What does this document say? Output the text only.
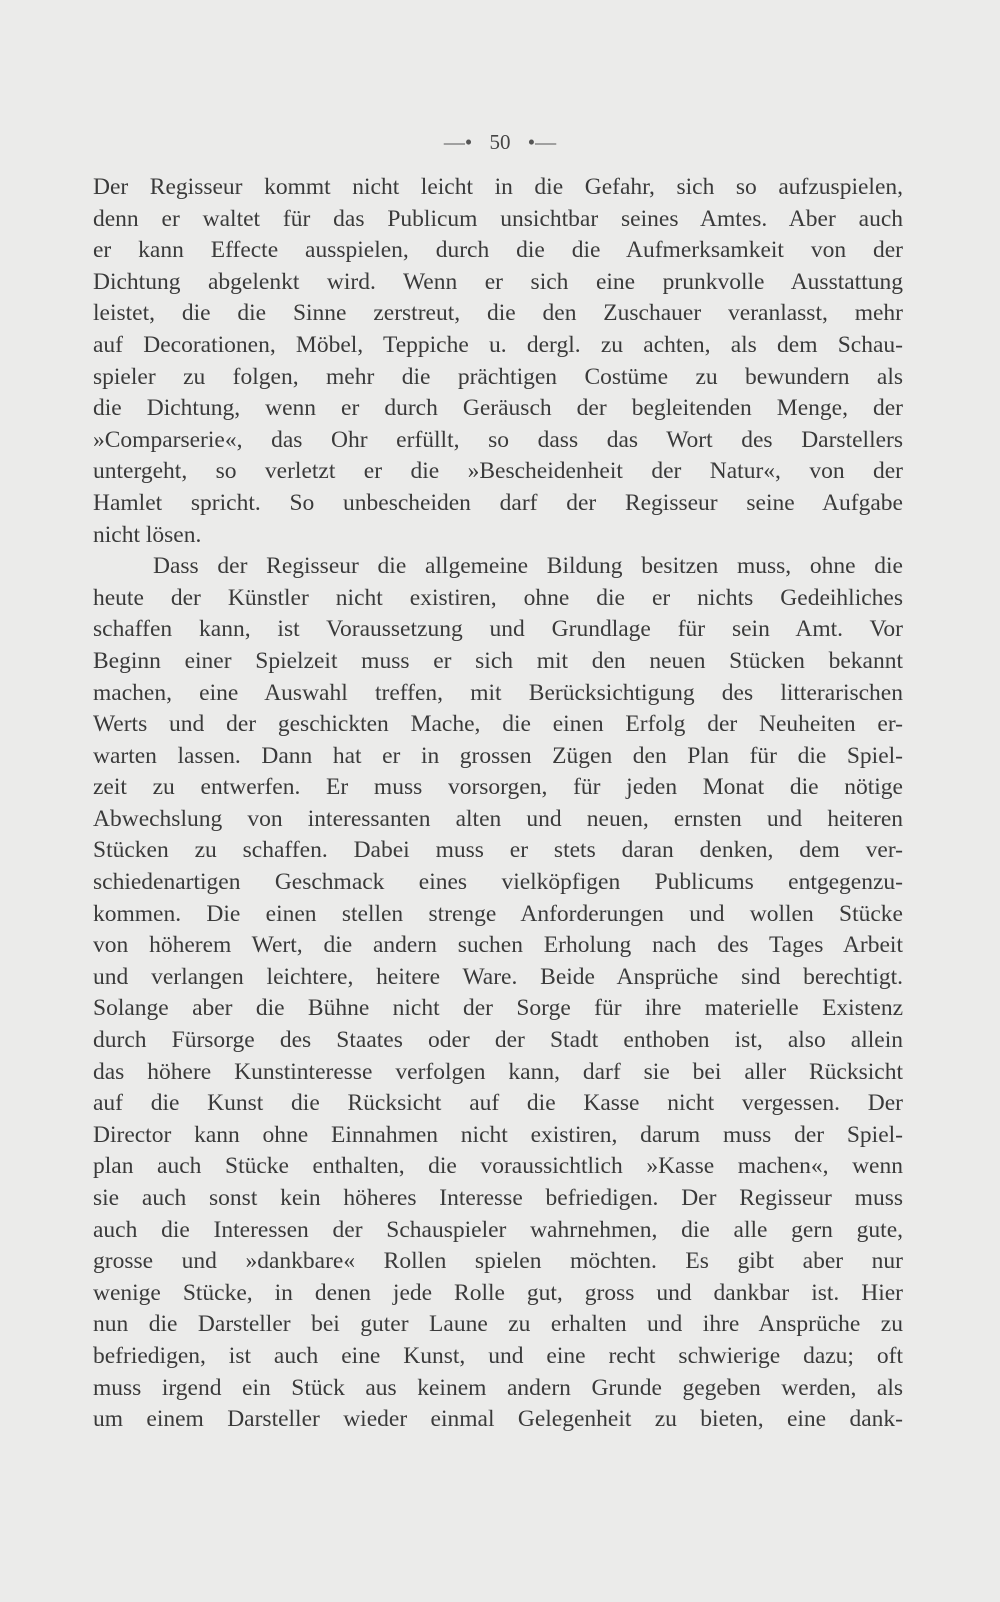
—• 50 •—
Der Regisseur kommt nicht leicht in die Gefahr, sich so aufzuspielen,
denn er waltet für das Publicum unsichtbar seines Amtes. Aber auch
er kann Effecte ausspielen, durch die die Aufmerksamkeit von der
Dichtung abgelenkt wird. Wenn er sich eine prunkvolle Ausstattung
leistet, die die Sinne zerstreut, die den Zuschauer veranlasst, mehr
auf Decorationen, Möbel, Teppiche u. dergl. zu achten, als dem Schau-
spieler zu folgen, mehr die prächtigen Costüme zu bewundern als
die Dichtung, wenn er durch Geräusch der begleitenden Menge, der
»Comparserie«, das Ohr erfüllt, so dass das Wort des Darstellers
untergeht, so verletzt er die »Bescheidenheit der Natur«, von der
Hamlet spricht. So unbescheiden darf der Regisseur seine Aufgabe
nicht lösen.
Dass der Regisseur die allgemeine Bildung besitzen muss, ohne die
heute der Künstler nicht existiren, ohne die er nichts Gedeihliches
schaffen kann, ist Voraussetzung und Grundlage für sein Amt. Vor
Beginn einer Spielzeit muss er sich mit den neuen Stücken bekannt
machen, eine Auswahl treffen, mit Berücksichtigung des litterarischen
Werts und der geschickten Mache, die einen Erfolg der Neuheiten er-
warten lassen. Dann hat er in grossen Zügen den Plan für die Spiel-
zeit zu entwerfen. Er muss vorsorgen, für jeden Monat die nötige
Abwechslung von interessanten alten und neuen, ernsten und heiteren
Stücken zu schaffen. Dabei muss er stets daran denken, dem ver-
schiedenartigen Geschmack eines vielköpfigen Publicums entgegenzu-
kommen. Die einen stellen strenge Anforderungen und wollen Stücke
von höherem Wert, die andern suchen Erholung nach des Tages Arbeit
und verlangen leichtere, heitere Ware. Beide Ansprüche sind berechtigt.
Solange aber die Bühne nicht der Sorge für ihre materielle Existenz
durch Fürsorge des Staates oder der Stadt enthoben ist, also allein
das höhere Kunstinteresse verfolgen kann, darf sie bei aller Rücksicht
auf die Kunst die Rücksicht auf die Kasse nicht vergessen. Der
Director kann ohne Einnahmen nicht existiren, darum muss der Spiel-
plan auch Stücke enthalten, die voraussichtlich »Kasse machen«, wenn
sie auch sonst kein höheres Interesse befriedigen. Der Regisseur muss
auch die Interessen der Schauspieler wahrnehmen, die alle gern gute,
grosse und »dankbare« Rollen spielen möchten. Es gibt aber nur
wenige Stücke, in denen jede Rolle gut, gross und dankbar ist. Hier
nun die Darsteller bei guter Laune zu erhalten und ihre Ansprüche zu
befriedigen, ist auch eine Kunst, und eine recht schwierige dazu; oft
muss irgend ein Stück aus keinem andern Grunde gegeben werden, als
um einem Darsteller wieder einmal Gelegenheit zu bieten, eine dank-
